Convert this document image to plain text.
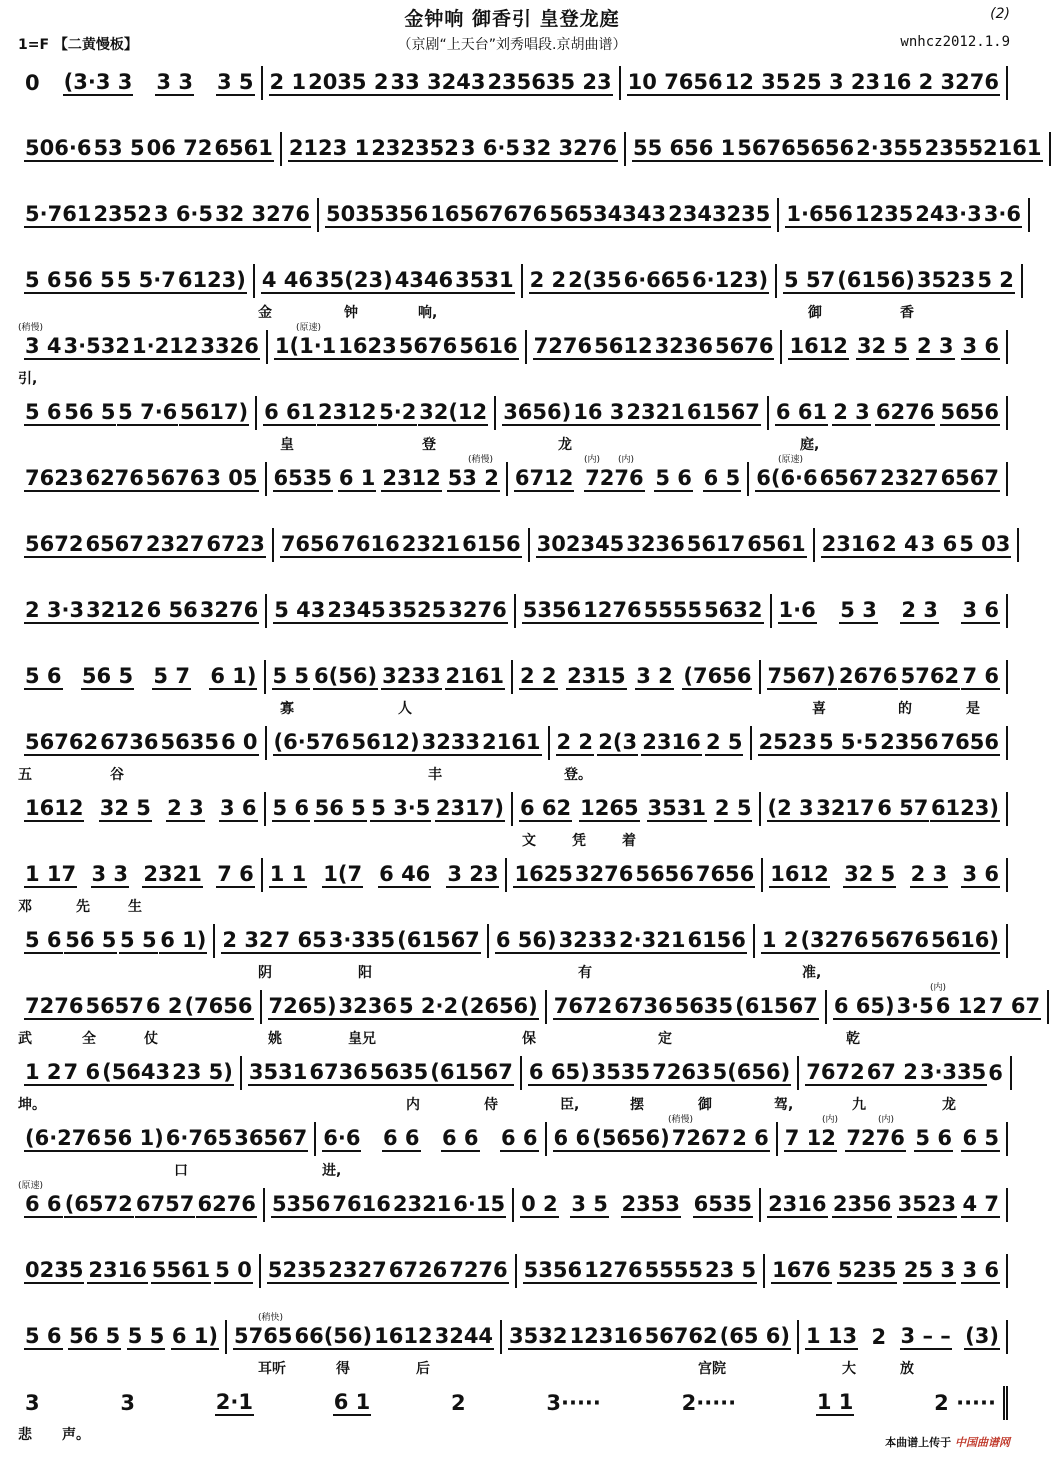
金钟响 御香引 皇登龙庭	(2)
1=F 【二黄慢板】	（京剧“上天台”刘秀唱段.京胡曲谱）	wnhcz2012.1.9
0 (3·3 3 3 3 3 5 2 1 2035 2 33 3243 235635 23 10 7656 12 35 25 3 23 16 2 3276
506·6 53 5 06 72 6561 2123 1 232352 3 6·5 32 3276 55 656 1 56765656 2·355 23552161
5·761 2352 3 6·5 32 3276 5035356 16567676 56534343 2343235 1·656 1235 243·3 3·6
5 6 56 5 5 5·7 6123) 4 46 35(23) 4346 3531 2 2 2(35 6·665 6·123) 5 57 (6156) 3523 5 2
金	钟	响,	御	香
3 4 3·532 1·212 3326 1(1·1 1623 5676 5616 7276 5612 3236 5676 1612 32 5 2 3 3 6
(稍慢)	(原速)
引,
5 6 56 5 5 7·6 5617) 6 61 2312 5·2 32(12 3656) 16 3 2321 61567 6 61 2 3 6276 5656
皇	登	龙	庭,
7623 6276 5676 3 05 6535 6 1 2312 53 2 6712 7276 5 6 6 5 6(6·6 6567 2327 6567
(稍慢)	(内) (内)	(原速)
5672 6567 2327 6723 7656 7616 2321 6156 302345 3236 5617 6561 2316 2 4 3 6 5 03
2 3·3 3212 6 56 3276 5 43 2345 3525 3276 5356 1276 5555 5632 1·6 5 3 2 3 3 6
5 6 56 5 5 7 6 1) 5 5 6(56) 3233 2161 2 2 2315 3 2 (7656 7567) 2676 5762 7 6
寡	人	喜	的	是
56762 6736 5635 6 0 (6·576 5612) 3233 2161 2 2 2(3 2316 2 5 2523 5 5·5 2356 7656
五	谷	丰	登。
1612 32 5 2 3 3 6 5 6 56 5 5 3·5 2317) 6 62 1265 3531 2 5 (2 3 3217 6 57 6123)
文	凭	着
1 17 3 3 2321 7 6 1 1 1(7 6 46 3 23 1625 3276 5656 7656 1612 32 5 2 3 3 6
邓	先	生
5 6 56 5 5 5 6 1) 2 32 7 65 3·335 (61567 6 56) 3233 2·321 6156 1 2 (3276 5676 5616)
阴	阳	有	准,
7276 5657 6 2 (7656 7265) 3236 5 2·2 (2656) 7672 6736 5635 (61567 6 65) 3·5 6 12 7 67
(内)
武	全	仗	姚	皇兄	保	定	乾
1 2 7 6 (5643 23 5) 3531 6736 5635 (61567 6 65) 3535 7263 5(656) 7672 67 2 3·335 6
坤。	内	侍	臣,	摆	御	驾,	九	龙
(6·276 56 1) 6·765 36567 6·6 6 6 6 6 6 6 6 6 (5656) 7267 2 6 7 12 7276 5 6 6 5
(稍慢)	(内)	(内)
口	进,
6 6 (6572 6757 6276 5356 7616 2321 6·15 0 2 3 5 2353 6535 2316 2356 3523 4 7
(原速)
0235 2316 5561 5 0 5235 2327 6726 7276 5356 1276 5555 23 5 1676 5235 25 3 3 6
5 6 56 5 5 5 6 1) 5765 66(56) 1612 3244 3532 12316 56762 (65 6) 1 13 2 3 – – (3)
(稍快)
耳听	得	后	宫院	大	放
3	3	2·1	6 1	2	3·····	2·····	1 1	2 ·····
悲 声。	本曲谱上传于 中国曲谱网
